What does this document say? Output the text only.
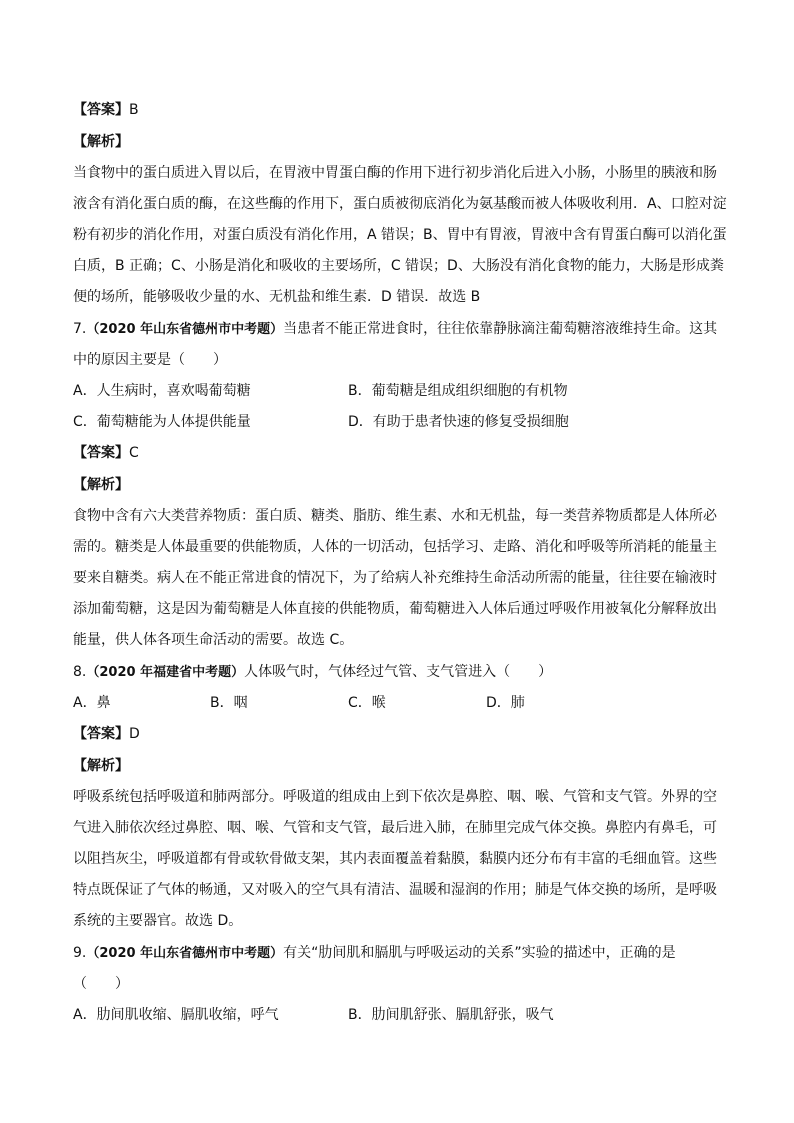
【答案】B
【解析】
当食物中的蛋白质进入胃以后，在胃液中胃蛋白酶的作用下进行初步消化后进入小肠，小肠里的胰液和肠
液含有消化蛋白质的酶，在这些酶的作用下，蛋白质被彻底消化为氨基酸而被人体吸收利用．A、口腔对淀
粉有初步的消化作用，对蛋白质没有消化作用，A 错误；B、胃中有胃液，胃液中含有胃蛋白酶可以消化蛋
白质，B 正确；C、小肠是消化和吸收的主要场所，C 错误；D、大肠没有消化食物的能力，大肠是形成粪
便的场所，能够吸收少量的水、无机盐和维生素．D 错误．故选 B
7.（2020 年山东省德州市中考题）当患者不能正常进食时，往往依靠静脉滴注葡萄糖溶液维持生命。这其
中的原因主要是（　　）
A．人生病时，喜欢喝葡萄糖	B．葡萄糖是组成组织细胞的有机物
C．葡萄糖能为人体提供能量	D．有助于患者快速的修复受损细胞
【答案】C
【解析】
食物中含有六大类营养物质：蛋白质、糖类、脂肪、维生素、水和无机盐，每一类营养物质都是人体所必
需的。糖类是人体最重要的供能物质，人体的一切活动，包括学习、走路、消化和呼吸等所消耗的能量主
要来自糖类。病人在不能正常进食的情况下，为了给病人补充维持生命活动所需的能量，往往要在输液时
添加葡萄糖，这是因为葡萄糖是人体直接的供能物质，葡萄糖进入人体后通过呼吸作用被氧化分解释放出
能量，供人体各项生命活动的需要。故选 C。
8.（2020 年福建省中考题）人体吸气时，气体经过气管、支气管进入（　　）
A．鼻	B．咽	C．喉	D．肺
【答案】D
【解析】
呼吸系统包括呼吸道和肺两部分。呼吸道的组成由上到下依次是鼻腔、咽、喉、气管和支气管。外界的空
气进入肺依次经过鼻腔、咽、喉、气管和支气管，最后进入肺，在肺里完成气体交换。鼻腔内有鼻毛，可
以阻挡灰尘，呼吸道都有骨或软骨做支架，其内表面覆盖着黏膜，黏膜内还分布有丰富的毛细血管。这些
特点既保证了气体的畅通，又对吸入的空气具有清洁、温暖和湿润的作用；肺是气体交换的场所，是呼吸
系统的主要器官。故选 D。
9.（2020 年山东省德州市中考题）有关“肋间肌和膈肌与呼吸运动的关系”实验的描述中，正确的是
（　　）
A．肋间肌收缩、膈肌收缩，呼气	B．肋间肌舒张、膈肌舒张，吸气
